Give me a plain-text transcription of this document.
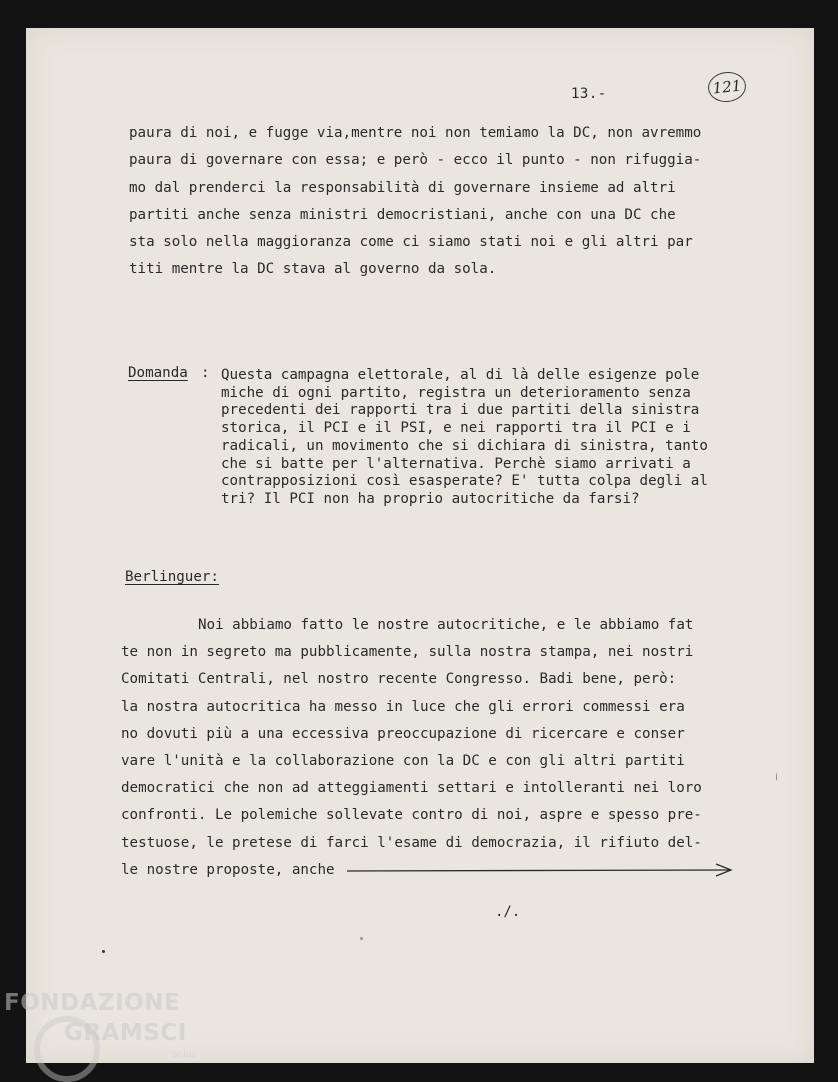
13.-	121
paura di noi, e fugge via,mentre noi non temiamo la DC, non avremmo
paura di governare con essa; e però - ecco il punto - non rifuggia-
mo dal prenderci la responsabilità di governare insieme ad altri
partiti anche senza ministri democristiani, anche con una DC che
sta solo nella maggioranza come ci siamo stati noi e gli altri par
titi mentre la DC stava al governo da sola.
Domanda : Questa campagna elettorale, al di là delle esigenze pole
miche di ogni partito, registra un deterioramento senza
precedenti dei rapporti tra i due partiti della sinistra
storica, il PCI e il PSI, e nei rapporti tra il PCI e i
radicali, un movimento che si dichiara di sinistra, tanto
che si batte per l'alternativa. Perchè siamo arrivati a
contrapposizioni così esasperate? E' tutta colpa degli al
tri? Il PCI non ha proprio autocritiche da farsi?
Berlinguer:
Noi abbiamo fatto le nostre autocritiche, e le abbiamo fat
te non in segreto ma pubblicamente, sulla nostra stampa, nei nostri
Comitati Centrali, nel nostro recente Congresso. Badi bene, però:
la nostra autocritica ha messo in luce che gli errori commessi era
no dovuti più a una eccessiva preoccupazione di ricercare e conser
vare l'unità e la collaborazione con la DC e con gli altri partiti
democratici che non ad atteggiamenti settari e intolleranti nei loro
confronti. Le polemiche sollevate contro di noi, aspre e spesso pre-
testuose, le pretese di farci l'esame di democrazia, il rifiuto del-
le nostre proposte, anche
./.
FONDAZIONE
GRAMSCI
onlus
